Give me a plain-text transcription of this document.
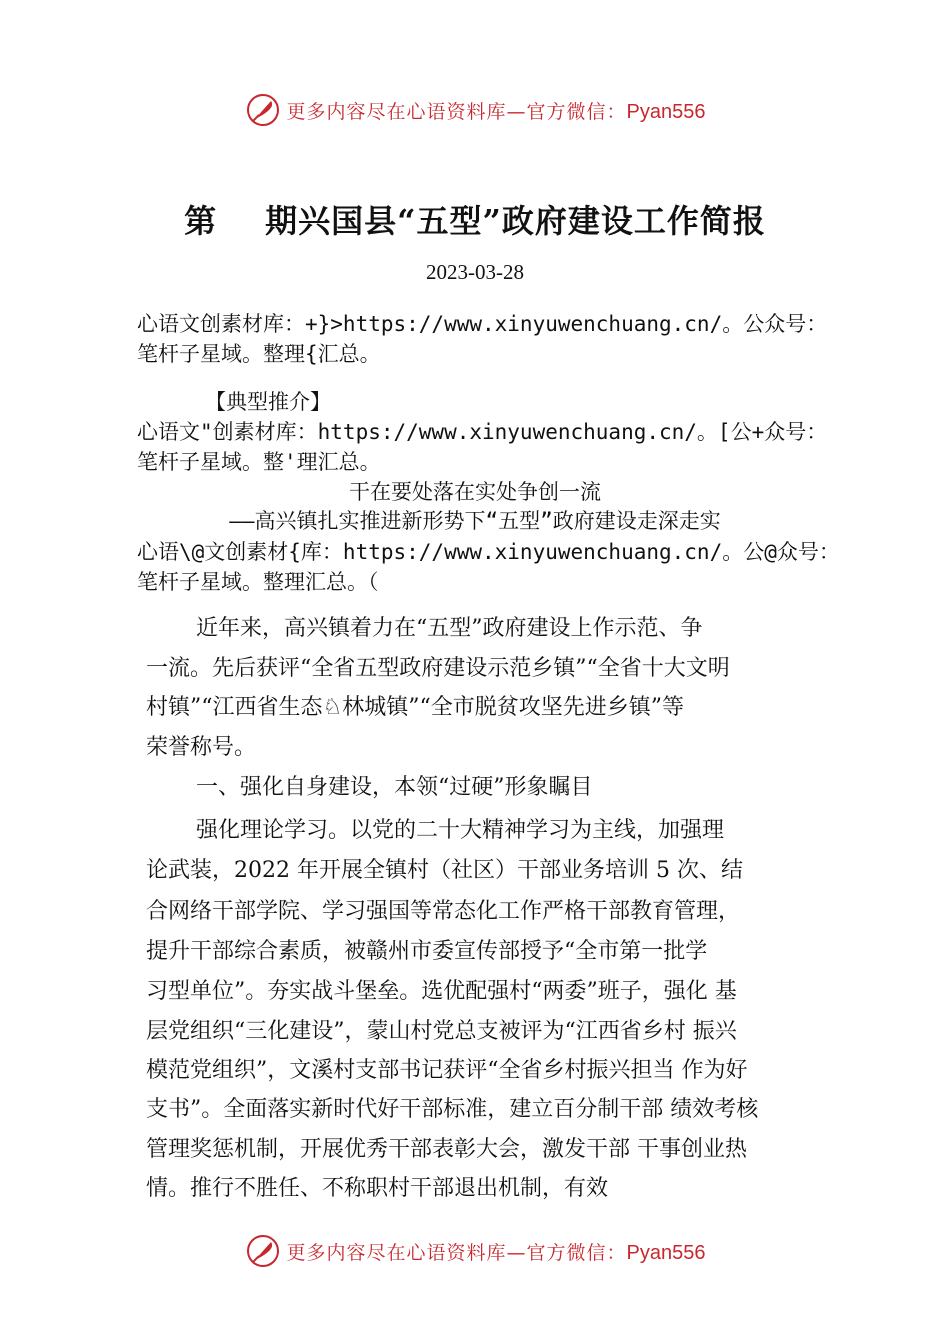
更多内容尽在心语资料库—官方微信：Pyan556
第 期兴国县“五型”政府建设工作简报
2023-03-28
心语文创素材库：+}>https://www.xinyuwenchuang.cn/。公众号：笔杆子星域。整理{汇总。
【典型推介】
心语文"创素材库：https://www.xinyuwenchuang.cn/。[公+众号：笔杆子星域。整'理汇总。
干在要处落在实处争创一流
——高兴镇扎实推进新形势下“五型”政府建设走深走实
心语\@文创素材{库：https://www.xinyuwenchuang.cn/。公@众号：笔杆子星域。整理汇总。（
近年来，高兴镇着力在“五型”政府建设上作示范、争
一流。先后获评“全省五型政府建设示范乡镇”“全省十大文明
村镇”“江西省生态♘林城镇”“全市脱贫攻坚先进乡镇”等
荣誉称号。
一、强化自身建设，本领“过硬”形象瞩目
强化理论学习。以党的二十大精神学习为主线，加强理
论武装，2022 年开展全镇村（社区）干部业务培训 5 次、结
合网络干部学院、学习强国等常态化工作严格干部教育管理，
提升干部综合素质，被赣州市委宣传部授予“全市第一批学
习型单位”。夯实战斗堡垒。选优配强村“两委”班子，强化 基
层党组织“三化建设”，蒙山村党总支被评为“江西省乡村 振兴
模范党组织”，文溪村支部书记获评“全省乡村振兴担当 作为好
支书”。全面落实新时代好干部标准，建立百分制干部 绩效考核
管理奖惩机制，开展优秀干部表彰大会，激发干部 干事创业热
情。推行不胜任、不称职村干部退出机制，有效
更多内容尽在心语资料库—官方微信：Pyan556
